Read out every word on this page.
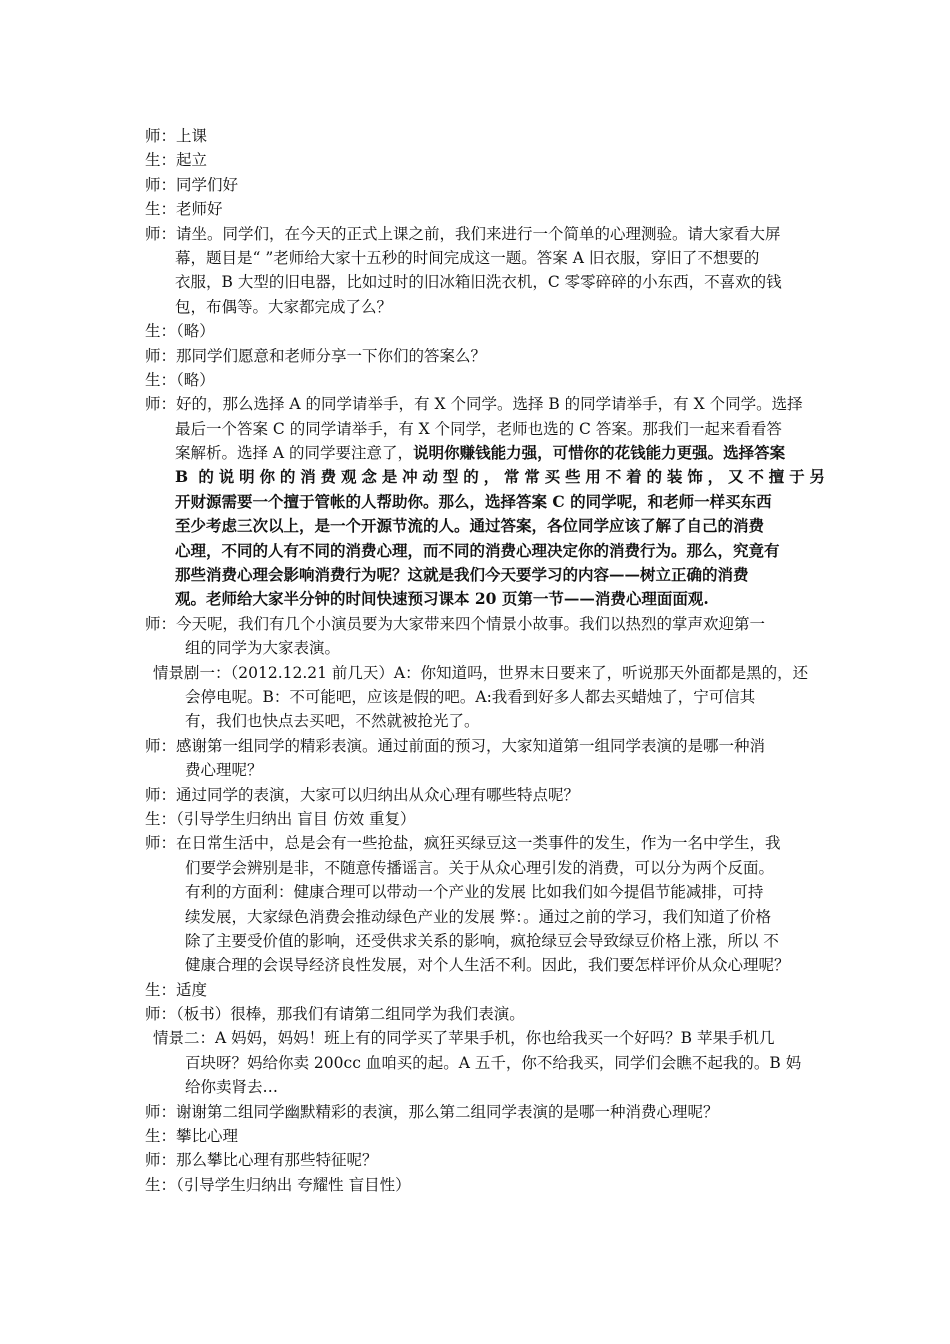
师：上课
生：起立
师：同学们好
生：老师好
师：请坐。同学们，在今天的正式上课之前，我们来进行一个简单的心理测验。请大家看大屏
幕，题目是“ ”老师给大家十五秒的时间完成这一题。答案 A 旧衣服，穿旧了不想要的
衣服，B 大型的旧电器，比如过时的旧冰箱旧洗衣机，C 零零碎碎的小东西，不喜欢的钱
包，布偶等。大家都完成了么？
生：（略）
师：那同学们愿意和老师分享一下你们的答案么？
生：（略）
师：好的，那么选择 A 的同学请举手，有 X 个同学。选择 B 的同学请举手，有 X 个同学。选择
最后一个答案 C 的同学请举手，有 X 个同学，老师也选的 C 答案。那我们一起来看看答
案解析。选择 A 的同学要注意了，说明你赚钱能力强，可惜你的花钱能力更强。选择答案
B 的说明你的消费观念是冲动型的，常常买些用不着的装饰，又不擅于另
开财源需要一个擅于管帐的人帮助你。那么，选择答案 C 的同学呢，和老师一样买东西
至少考虑三次以上，是一个开源节流的人。通过答案，各位同学应该了解了自己的消费
心理，不同的人有不同的消费心理，而不同的消费心理决定你的消费行为。那么，究竟有
那些消费心理会影响消费行为呢？这就是我们今天要学习的内容——树立正确的消费
观。老师给大家半分钟的时间快速预习课本 20 页第一节——消费心理面面观.
师：今天呢，我们有几个小演员要为大家带来四个情景小故事。我们以热烈的掌声欢迎第一
组的同学为大家表演。
情景剧一：（2012.12.21 前几天）A：你知道吗，世界末日要来了，听说那天外面都是黑的，还
会停电呢。B：不可能吧，应该是假的吧。A:我看到好多人都去买蜡烛了，宁可信其
有，我们也快点去买吧，不然就被抢光了。
师：感谢第一组同学的精彩表演。通过前面的预习，大家知道第一组同学表演的是哪一种消
费心理呢？
师：通过同学的表演，大家可以归纳出从众心理有哪些特点呢？
生：（引导学生归纳出 盲目 仿效 重复）
师：在日常生活中，总是会有一些抢盐，疯狂买绿豆这一类事件的发生，作为一名中学生，我
们要学会辨别是非，不随意传播谣言。关于从众心理引发的消费，可以分为两个反面。
有利的方面利：健康合理可以带动一个产业的发展 比如我们如今提倡节能减排，可持
续发展，大家绿色消费会推动绿色产业的发展 弊：。通过之前的学习，我们知道了价格
除了主要受价值的影响，还受供求关系的影响，疯抢绿豆会导致绿豆价格上涨，所以 不
健康合理的会误导经济良性发展，对个人生活不利。因此，我们要怎样评价从众心理呢？
生：适度
师：（板书）很棒，那我们有请第二组同学为我们表演。
情景二：A 妈妈，妈妈！班上有的同学买了苹果手机，你也给我买一个好吗？B 苹果手机几
百块呀？妈给你卖 200cc 血咱买的起。A 五千，你不给我买，同学们会瞧不起我的。B 妈
给你卖肾去…
师：谢谢第二组同学幽默精彩的表演，那么第二组同学表演的是哪一种消费心理呢？
生：攀比心理
师：那么攀比心理有那些特征呢？
生：（引导学生归纳出 夸耀性 盲目性）
